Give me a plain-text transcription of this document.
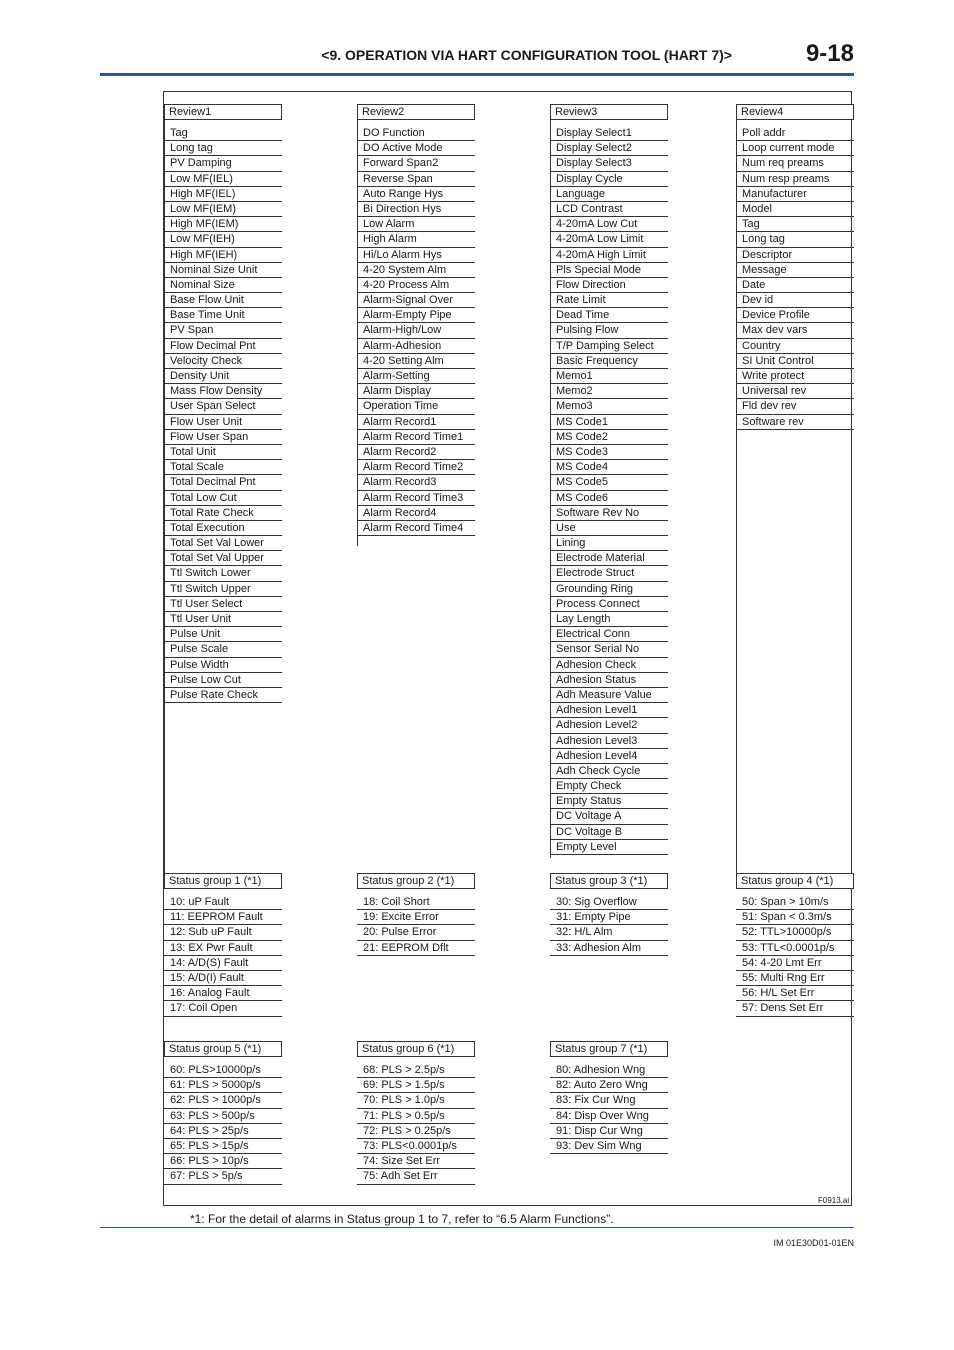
<9. OPERATION VIA HART CONFIGURATION TOOL (HART 7)>	9-18
Review1
Tag
Long tag
PV Damping
Low MF(IEL)
High MF(IEL)
Low MF(IEM)
High MF(IEM)
Low MF(IEH)
High MF(IEH)
Nominal Size Unit
Nominal Size
Base Flow Unit
Base Time Unit
PV Span
Flow Decimal Pnt
Velocity Check
Density Unit
Mass Flow Density
User Span Select
Flow User Unit
Flow User Span
Total Unit
Total Scale
Total Decimal Pnt
Total Low Cut
Total Rate Check
Total Execution
Total Set Val Lower
Total Set Val Upper
Ttl Switch Lower
Ttl Switch Upper
Ttl User Select
Ttl User Unit
Pulse Unit
Pulse Scale
Pulse Width
Pulse Low Cut
Pulse Rate Check
Review2
DO Function
DO Active Mode
Forward Span2
Reverse Span
Auto Range Hys
Bi Direction Hys
Low Alarm
High Alarm
Hi/Lo Alarm Hys
4-20 System Alm
4-20 Process Alm
Alarm-Signal Over
Alarm-Empty Pipe
Alarm-High/Low
Alarm-Adhesion
4-20 Setting Alm
Alarm-Setting
Alarm Display
Operation Time
Alarm Record1
Alarm Record Time1
Alarm Record2
Alarm Record Time2
Alarm Record3
Alarm Record Time3
Alarm Record4
Alarm Record Time4
Review3
Display Select1
Display Select2
Display Select3
Display Cycle
Language
LCD Contrast
4-20mA Low Cut
4-20mA Low Limit
4-20mA High Limit
Pls Special Mode
Flow Direction
Rate Limit
Dead Time
Pulsing Flow
T/P Damping Select
Basic Frequency
Memo1
Memo2
Memo3
MS Code1
MS Code2
MS Code3
MS Code4
MS Code5
MS Code6
Software Rev No
Use
Lining
Electrode Material
Electrode Struct
Grounding Ring
Process Connect
Lay Length
Electrical Conn
Sensor Serial No
Adhesion Check
Adhesion Status
Adh Measure Value
Adhesion Level1
Adhesion Level2
Adhesion Level3
Adhesion Level4
Adh Check Cycle
Empty Check
Empty Status
DC Voltage A
DC Voltage B
Empty Level
Review4
Poll addr
Loop current mode
Num req preams
Num resp preams
Manufacturer
Model
Tag
Long tag
Descriptor
Message
Date
Dev id
Device Profile
Max dev vars
Country
SI Unit Control
Write protect
Universal rev
Fld dev rev
Software rev
Status group 1 (*1)
10: uP Fault
11: EEPROM Fault
12: Sub uP Fault
13: EX Pwr Fault
14: A/D(S) Fault
15: A/D(I) Fault
16: Analog Fault
17: Coil Open
Status group 2 (*1)
18: Coil Short
19: Excite Error
20: Pulse Error
21: EEPROM Dflt
Status group 3 (*1)
30: Sig Overflow
31: Empty Pipe
32: H/L Alm
33: Adhesion Alm
Status group 4 (*1)
50: Span > 10m/s
51: Span < 0.3m/s
52: TTL>10000p/s
53: TTL<0.0001p/s
54: 4-20 Lmt Err
55: Multi Rng Err
56: H/L Set Err
57: Dens Set Err
Status group 5 (*1)
60: PLS>10000p/s
61: PLS > 5000p/s
62: PLS > 1000p/s
63: PLS > 500p/s
64: PLS > 25p/s
65: PLS > 15p/s
66: PLS > 10p/s
67: PLS > 5p/s
Status group 6 (*1)
68: PLS > 2.5p/s
69: PLS > 1.5p/s
70: PLS > 1.0p/s
71: PLS > 0.5p/s
72: PLS > 0.25p/s
73: PLS<0.0001p/s
74: Size Set Err
75: Adh Set Err
Status group 7 (*1)
80: Adhesion Wng
82: Auto Zero Wng
83: Fix Cur Wng
84: Disp Over Wng
91: Disp Cur Wng
93: Dev Sim Wng
F0913.ai
*1: For the detail of alarms in Status group 1 to 7, refer to “6.5 Alarm Functions”.
IM 01E30D01-01EN
